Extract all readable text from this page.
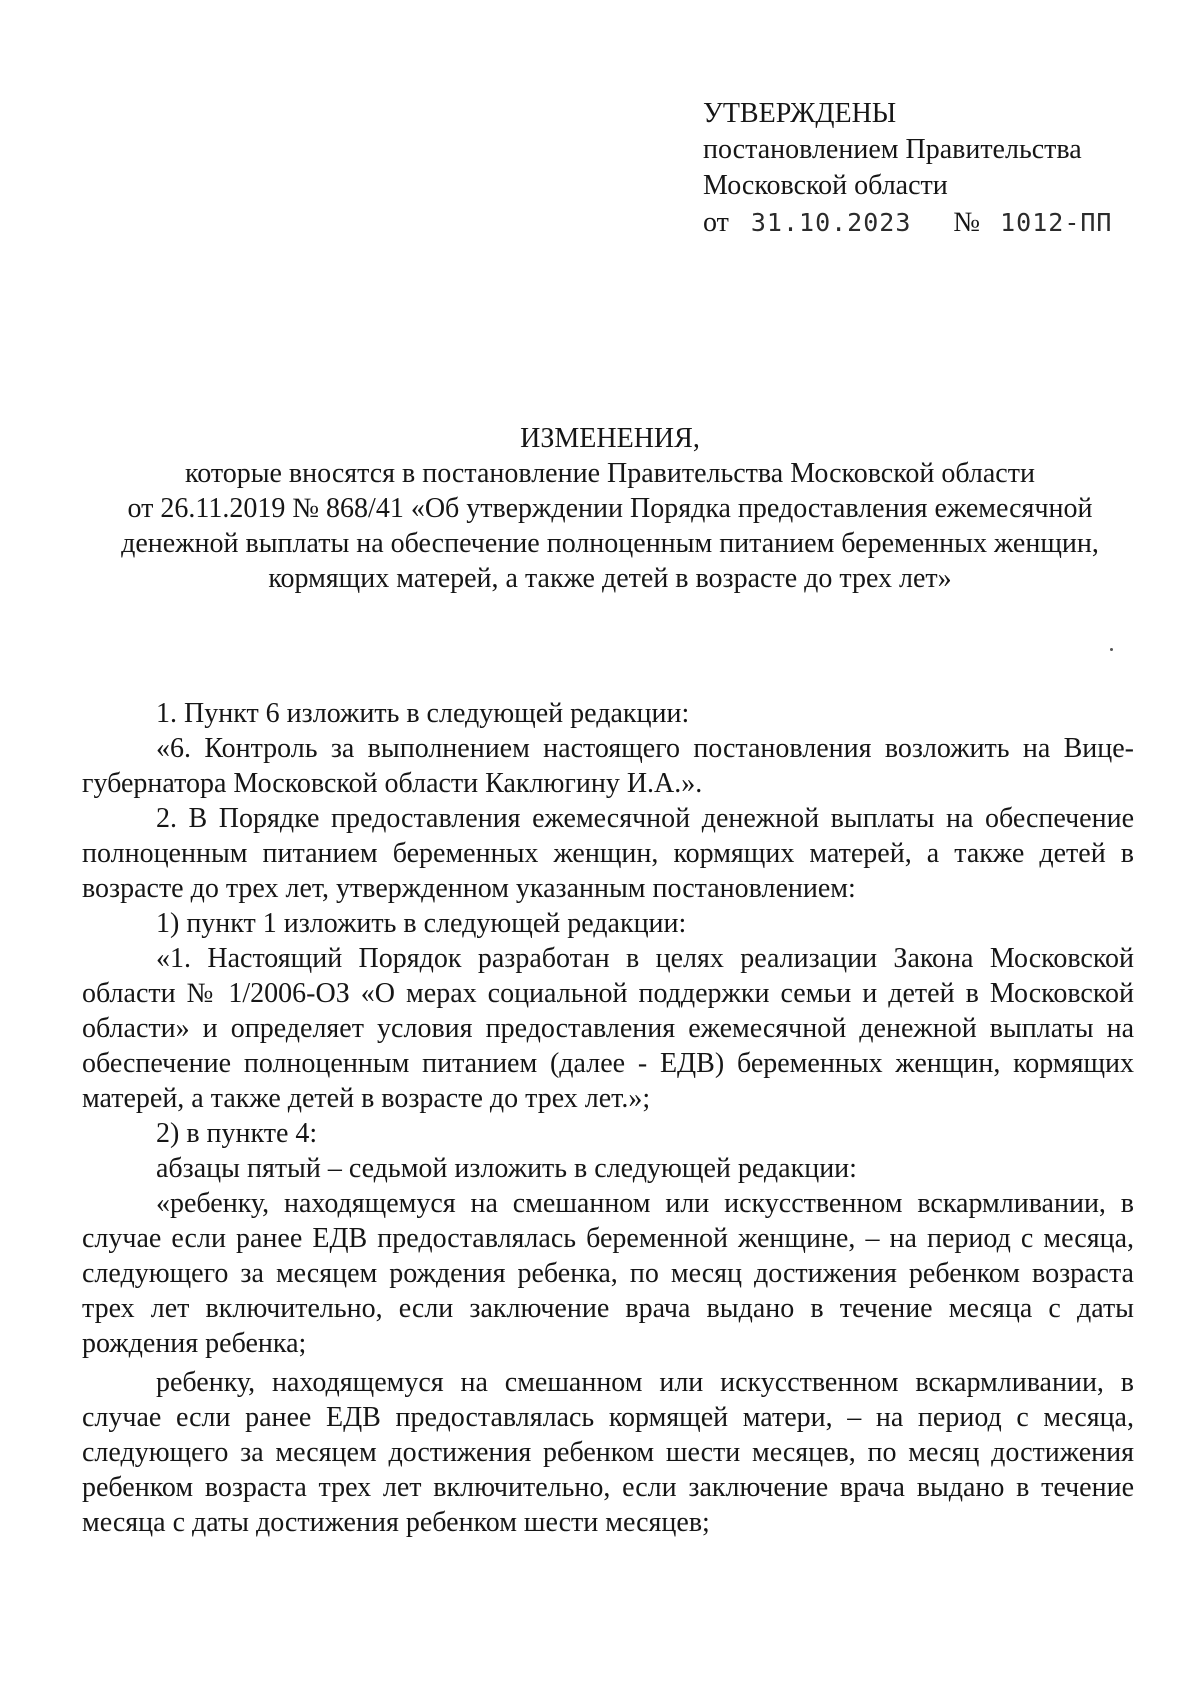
УТВЕРЖДЕНЫ
постановлением Правительства
Московской области
от 31.10.2023 № 1012-ПП
ИЗМЕНЕНИЯ,
которые вносятся в постановление Правительства Московской области
от 26.11.2019 № 868/41 «Об утверждении Порядка предоставления ежемесячной
денежной выплаты на обеспечение полноценным питанием беременных женщин,
кормящих матерей, а также детей в возрасте до трех лет»

1. Пункт 6 изложить в следующей редакции:

«6. Контроль за выполнением настоящего постановления возложить на Вице-губернатора Московской области Каклюгину И.А.».

2. В Порядке предоставления ежемесячной денежной выплаты на обеспечение полноценным питанием беременных женщин, кормящих матерей, а также детей в возрасте до трех лет, утвержденном указанным постановлением:

1) пункт 1 изложить в следующей редакции:

«1. Настоящий Порядок разработан в целях реализации Закона Московской области № 1/2006-ОЗ «О мерах социальной поддержки семьи и детей в Московской области» и определяет условия предоставления ежемесячной денежной выплаты на обеспечение полноценным питанием (далее - ЕДВ) беременных женщин, кормящих матерей, а также детей в возрасте до трех лет.»;

2) в пункте 4:

абзацы пятый – седьмой изложить в следующей редакции:

«ребенку, находящемуся на смешанном или искусственном вскармливании, в случае если ранее ЕДВ предоставлялась беременной женщине, – на период с месяца, следующего за месяцем рождения ребенка, по месяц достижения ребенком возраста трех лет включительно, если заключение врача выдано в течение месяца с даты рождения ребенка;

ребенку, находящемуся на смешанном или искусственном вскармливании, в случае если ранее ЕДВ предоставлялась кормящей матери, – на период с месяца, следующего за месяцем достижения ребенком шести месяцев, по месяц достижения ребенком возраста трех лет включительно, если заключение врача выдано в течение месяца с даты достижения ребенком шести месяцев;
